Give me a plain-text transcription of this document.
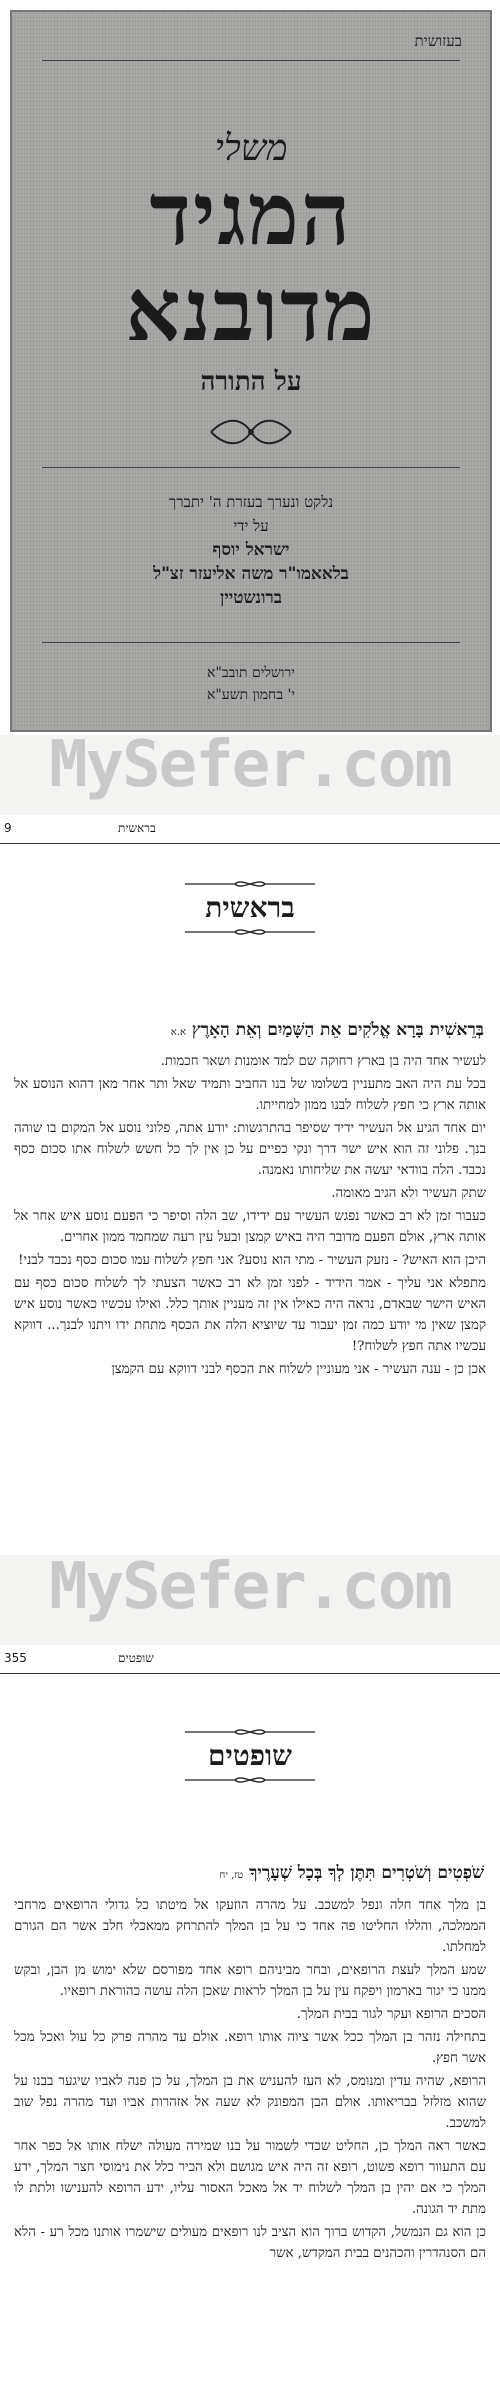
בעזושית
משלי
המגיד
מדובנא
על התורה
נלקט ונערך בעזרת ה' יתברך
על ידי
ישראל יוסף
בלאאמו"ר משה אליעזר זצ"ל
ברונשטיין
ירושלים תובב"א
י' בחמון תשע"א
MySefer.com
9	בראשית
בראשית
בְּרֵאשִׁית בָּרָא אֱלֹקִים אֵת הַשָּׁמַיִם וְאֵת הָאָרֶץ א.א

לעשיר אחד היה בן בארץ רחוקה שם למד אומנות ושאר חכמות.

בכל עת היה האב מתעניין בשלומו של בנו החביב ותמיד שאל ותר אחר מאן דהוא הנוסע אל אותה ארץ כי חפץ לשלוח לבנו ממון למחייתו.

יום אחד הגיע אל העשיר ידיד שסיפר בהתרגשות: יודע אתה, פלוני נוסע אל המקום בו שוהה בנך. פלוני זה הוא איש ישר דרך ונקי כפיים על כן אין לך כל חשש לשלוח אתו סכום כסף נכבד. הלה בוודאי יעשה את שליחותו נאמנה.

שתק העשיר ולא הגיב מאומה.

כעבור זמן לא רב כאשר נפגש העשיר עם ידידו, שב הלה וסיפר כי הפעם נוסע איש אחר אל אותה ארץ, אולם הפעם מדובר היה באיש קמצן ובעל עין רעה שמחמד ממון אחרים.

היכן הוא האיש? - נזעק העשיר - מתי הוא נוסע? אני חפץ לשלוח עמו סכום כסף נכבד לבני!

מתפלא אני עליך - אמר הידיד - לפני זמן לא רב כאשר הצעתי לך לשלוח סכום כסף עם האיש הישר שבאדם, נראה היה כאילו אין זה מעניין אותך כלל. ואילו עכשיו כאשר נוסע איש קמצן שאין מי יודע כמה זמן יעבור עד שיוציא הלה את הכסף מתחת ידו ויתנו לבנך... דווקא עכשיו אתה חפץ לשלוח?!

אכן כן - ענה העשיר - אני מעוניין לשלוח את הכסף לבני דווקא עם הקמצן

MySefer.com
355	שופטים
שופטים
שֹׁפְטִים וְשֹׁטְרִים תִּתֶּן לְךָ בְּכָל שְׁעָרֶיךָ טז, יח

בן מלך אחד חלה ונפל למשכב. על מהרה הוזעקו אל מיטתו כל גדולי הרופאים מרחבי הממלכה, והללו החליטו פה אחד כי על בן המלך להתרחק ממאכלי חלב אשר הם הגורם למחלתו.

שמע המלך לעצת הרופאים, ובחר מביניהם רופא אחד מפורסם שלא ימוש מן הבן, ובקש ממנו כי יגור בארמון ויפקח עין על בן המלך לראות שאכן הלה עושה כהוראת רופאיו.

הסכים הרופא ועקר לגור בבית המלך.

בתחילה נזהר בן המלך ככל אשר ציוה אותו רופא. אולם עד מהרה פרק כל עול ואכל מכל אשר חפץ.

הרופא, שהיה עדין ומנומס, לא העז להעניש את בן המלך, על כן פנה לאביו שיגער בבנו על שהוא מזלזל בבריאותו. אולם הבן המפונק לא שעה אל אזהרות אביו ועד מהרה נפל שוב למשכב.

כאשר ראה המלך כן, החליט שכדי לשמור על בנו שמירה מעולה ישלח אותו אל כפר אחר עם התעוור רופא פשוט, רופא זה היה איש מגושם ולא הכיר כלל את נימוסי חצר המלך, ידע המלך כי אם יהין בן המלך לשלוח יד אל מאכל האסור עליו, ידע הרופא להענישו ולתת לו מתת יד הגונה.

כן הוא גם הנמשל, הקדוש ברוך הוא הציב לנו רופאים מעולים שישמרו אותנו מכל רע - הלא הם הסנהדרין והכהנים בבית המקדש, אשר
